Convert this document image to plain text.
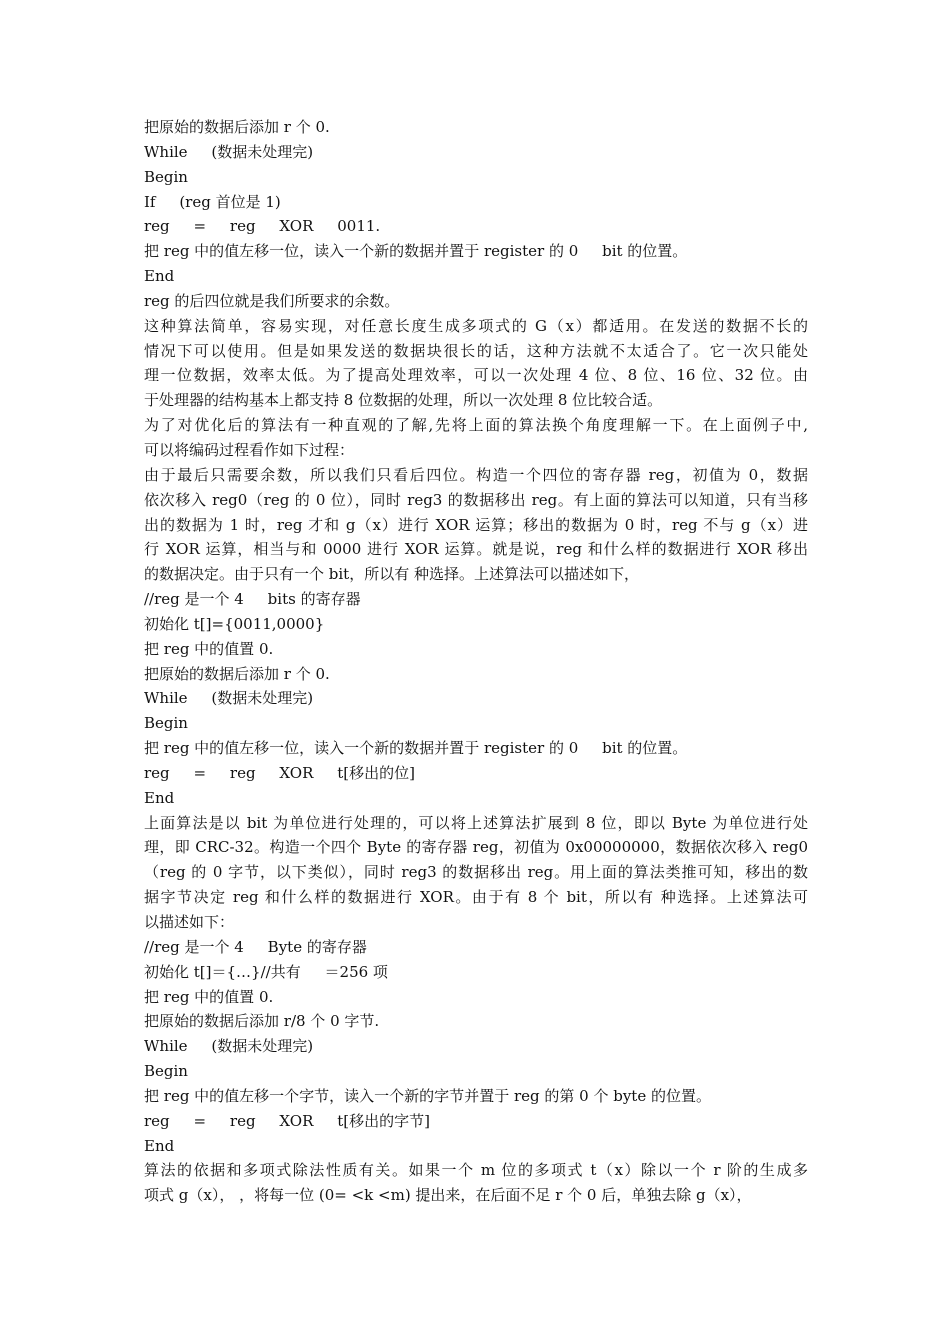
把原始的数据后添加 r 个 0.
While     (数据未处理完)
Begin
If     (reg 首位是 1)
reg     =     reg     XOR     0011.
把 reg 中的值左移一位，读入一个新的数据并置于 register 的 0     bit 的位置。
End
reg 的后四位就是我们所要求的余数。
这种算法简单，容易实现，对任意长度生成多项式的 G（x）都适用。在发送的数据不长的
情况下可以使用。但是如果发送的数据块很长的话，这种方法就不太适合了。它一次只能处
理一位数据，效率太低。为了提高处理效率，可以一次处理 4 位、8 位、16 位、32 位。由
于处理器的结构基本上都支持 8 位数据的处理，所以一次处理 8 位比较合适。
为了对优化后的算法有一种直观的了解,先将上面的算法换个角度理解一下。在上面例子中,
可以将编码过程看作如下过程：
由于最后只需要余数，所以我们只看后四位。构造一个四位的寄存器 reg，初值为 0，数据
依次移入 reg0（reg 的 0 位），同时 reg3 的数据移出 reg。有上面的算法可以知道，只有当移
出的数据为 1 时，reg 才和 g（x）进行 XOR 运算；移出的数据为 0 时，reg 不与 g（x）进
行 XOR 运算，相当与和 0000 进行 XOR 运算。就是说，reg 和什么样的数据进行 XOR 移出
的数据决定。由于只有一个 bit，所以有 种选择。上述算法可以描述如下，
//reg 是一个 4     bits 的寄存器
初始化 t[]={0011,0000}
把 reg 中的值置 0.
把原始的数据后添加 r 个 0.
While     (数据未处理完)
Begin
把 reg 中的值左移一位，读入一个新的数据并置于 register 的 0     bit 的位置。
reg     =     reg     XOR     t[移出的位]
End
上面算法是以 bit 为单位进行处理的，可以将上述算法扩展到 8 位，即以 Byte 为单位进行处
理，即 CRC-32。构造一个四个 Byte 的寄存器 reg，初值为 0x00000000，数据依次移入 reg0
（reg 的 0 字节，以下类似），同时 reg3 的数据移出 reg。用上面的算法类推可知，移出的数
据字节决定 reg 和什么样的数据进行 XOR。由于有 8 个 bit，所以有 种选择。上述算法可
以描述如下：
//reg 是一个 4     Byte 的寄存器
初始化 t[]＝{…}//共有     ＝256 项
把 reg 中的值置 0.
把原始的数据后添加 r/8 个 0 字节.
While     (数据未处理完)
Begin
把 reg 中的值左移一个字节，读入一个新的字节并置于 reg 的第 0 个 byte 的位置。
reg     =     reg     XOR     t[移出的字节]
End
算法的依据和多项式除法性质有关。如果一个 m 位的多项式 t（x）除以一个 r 阶的生成多
项式 g（x）， ，将每一位 (0= <k <m) 提出来，在后面不足 r 个 0 后，单独去除 g（x），
